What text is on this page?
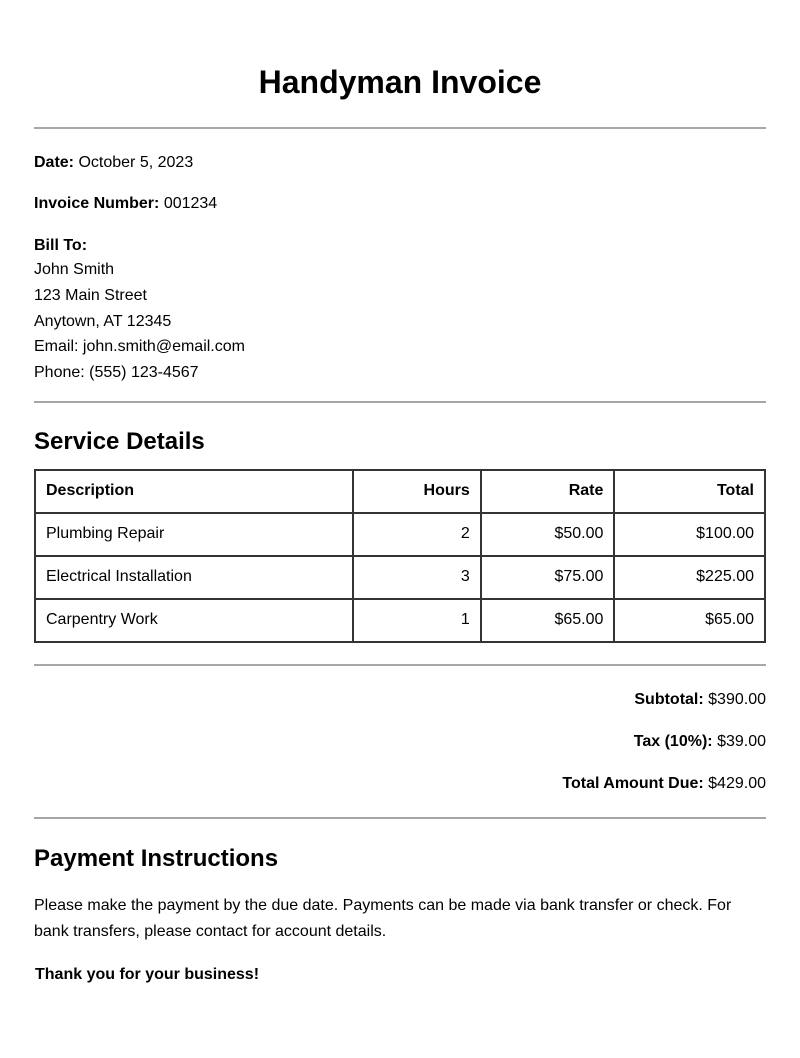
Handyman Invoice
Date: October 5, 2023
Invoice Number: 001234
Bill To:
John Smith
123 Main Street
Anytown, AT 12345
Email: john.smith@email.com
Phone: (555) 123-4567
Service Details
Description	Hours	Rate	Total
Plumbing Repair	2	$50.00	$100.00
Electrical Installation	3	$75.00	$225.00
Carpentry Work	1	$65.00	$65.00
Subtotal: $390.00
Tax (10%): $39.00
Total Amount Due: $429.00
Payment Instructions
Please make the payment by the due date. Payments can be made via bank transfer or check. For bank transfers, please contact for account details.
Thank you for your business!
